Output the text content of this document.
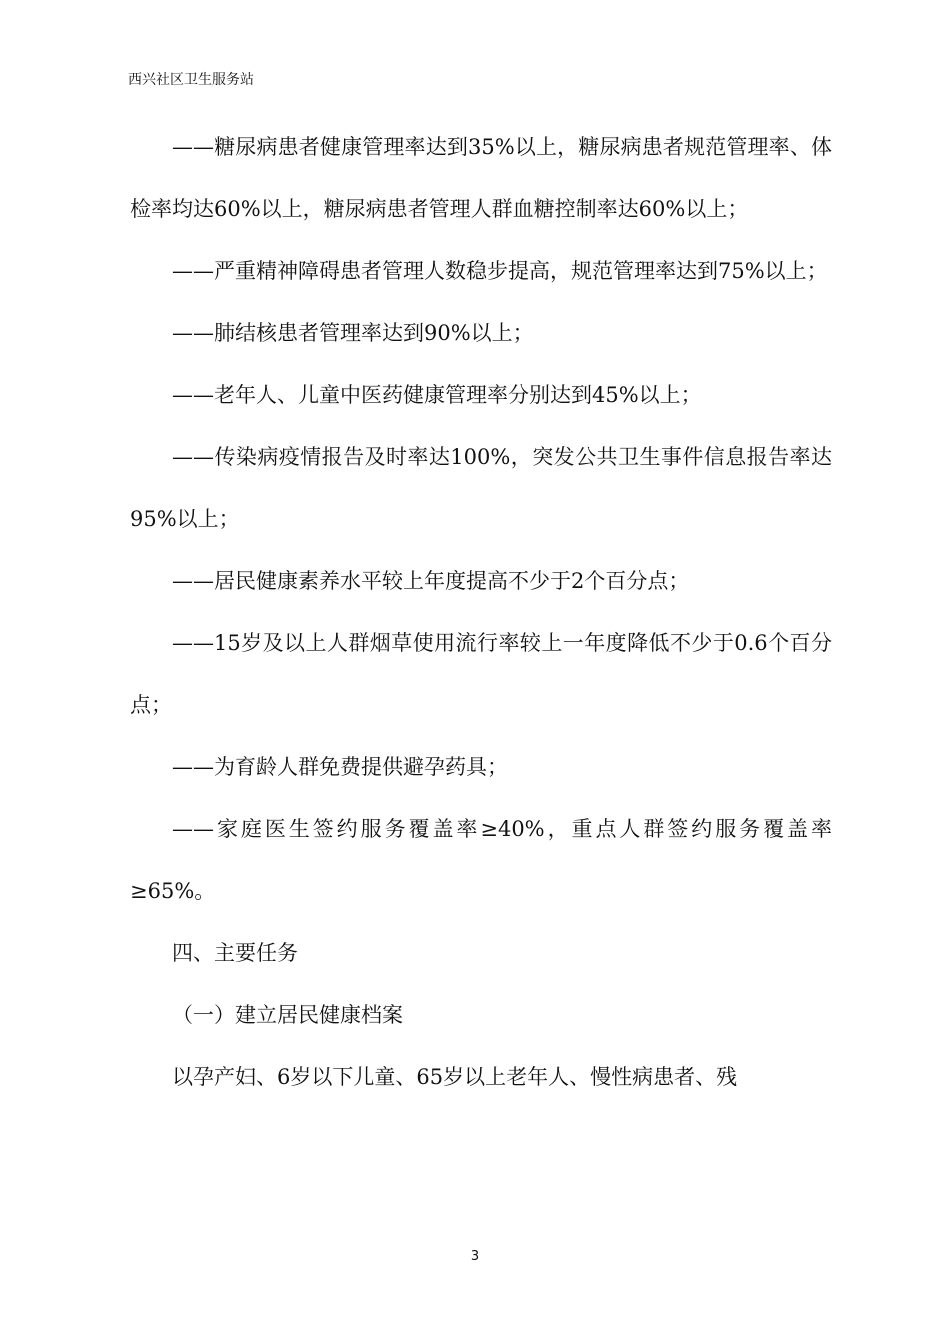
西兴社区卫生服务站

——糖尿病患者健康管理率达到35%以上，糖尿病患者规范管理率、体检率均达60%以上，糖尿病患者管理人群血糖控制率达60%以上；

——严重精神障碍患者管理人数稳步提高，规范管理率达到75%以上；

——肺结核患者管理率达到90%以上；

——老年人、儿童中医药健康管理率分别达到45%以上；

——传染病疫情报告及时率达100%，突发公共卫生事件信息报告率达95%以上；

——居民健康素养水平较上年度提高不少于2个百分点；

——15岁及以上人群烟草使用流行率较上一年度降低不少于0.6个百分点；

——为育龄人群免费提供避孕药具；

——家庭医生签约服务覆盖率≥40%，重点人群签约服务覆盖率≥65%。

四、主要任务

（一）建立居民健康档案

以孕产妇、6岁以下儿童、65岁以上老年人、慢性病患者、残

3
